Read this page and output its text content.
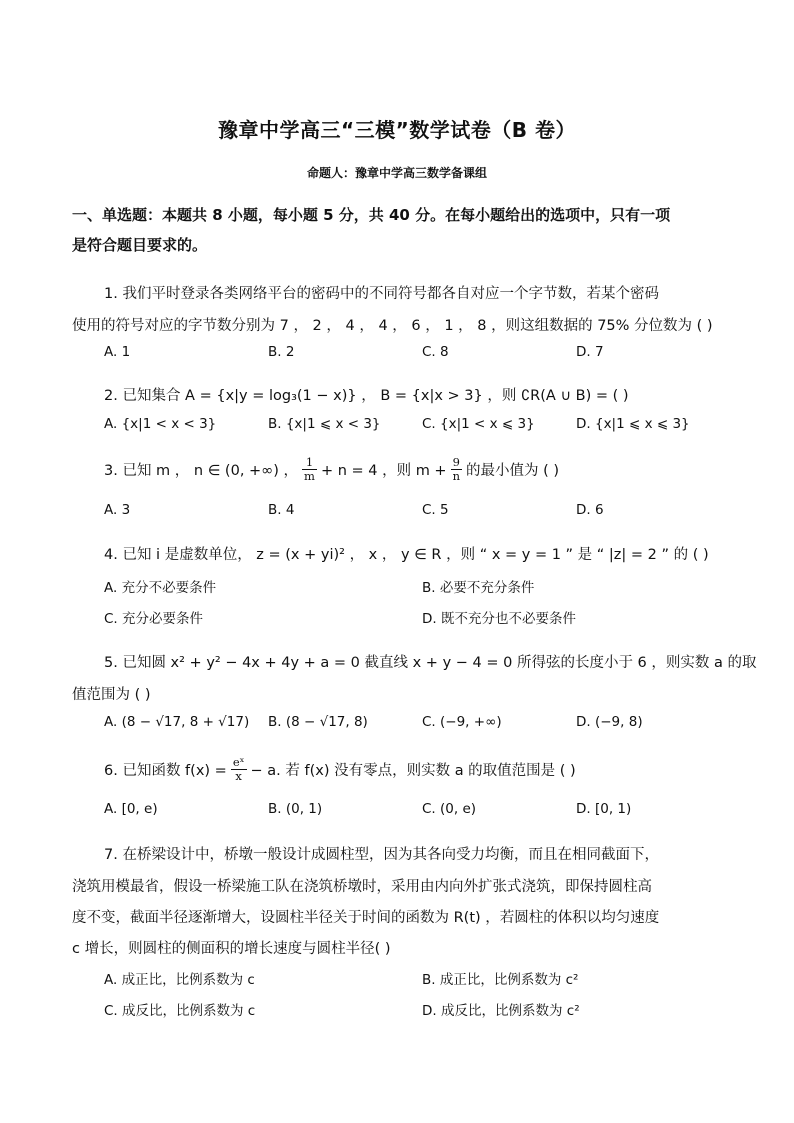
豫章中学高三“三模”数学试卷（B 卷）
命题人：豫章中学高三数学备课组
一、单选题：本题共 8 小题，每小题 5 分，共 40 分。在每小题给出的选项中，只有一项
是符合题目要求的。
1. 我们平时登录各类网络平台的密码中的不同符号都各自对应一个字节数，若某个密码
使用的符号对应的字节数分别为 7 ， 2 ， 4 ， 4 ， 6 ， 1 ， 8 ，则这组数据的 75% 分位数为 ( )
A. 1	B. 2	C. 8	D. 7
2. 已知集合 A = {x|y = log₃(1 − x)} ， B = {x|x > 3} ，则 ∁R(A ∪ B) = ( )
A. {x|1 < x < 3}	B. {x|1 ⩽ x < 3}	C. {x|1 < x ⩽ 3}	D. {x|1 ⩽ x ⩽ 3}
3. 已知 m ， n ∈ (0, +∞) ， $\frac{1}{m} + n = 4$ ，则 $m + \frac{9}{n}$ 的最小值为 ( )
A. 3	B. 4	C. 5	D. 6
4. 已知 i 是虚数单位， z = (x + yi)² ， x ， y ∈ R ，则 “ x = y = 1 ” 是 “ |z| = 2 ” 的 ( )
A. 充分不必要条件	B. 必要不充分条件
C. 充分必要条件	D. 既不充分也不必要条件
5. 已知圆 x² + y² − 4x + 4y + a = 0 截直线 x + y − 4 = 0 所得弦的长度小于 6 ，则实数 a 的取
值范围为 ( )
A. (8 − √17, 8 + √17) B. (8 − √17, 8)	C. (−9, +∞)	D. (−9, 8)
6. 已知函数 $f(x) = \frac{\text{eˣ}}{x} - a$. 若 f(x) 没有零点，则实数 a 的取值范围是 ( )
A. [0, e)	B. (0, 1)	C. (0, e)	D. [0, 1)
7. 在桥梁设计中，桥墩一般设计成圆柱型，因为其各向受力均衡，而且在相同截面下，
浇筑用模最省，假设一桥梁施工队在浇筑桥墩时，采用由内向外扩张式浇筑，即保持圆柱高
度不变，截面半径逐渐增大，设圆柱半径关于时间的函数为 R(t) ，若圆柱的体积以均匀速度
c 增长，则圆柱的侧面积的增长速度与圆柱半径( )
A. 成正比，比例系数为 c	B. 成正比，比例系数为 c²
C. 成反比，比例系数为 c	D. 成反比，比例系数为 c²
